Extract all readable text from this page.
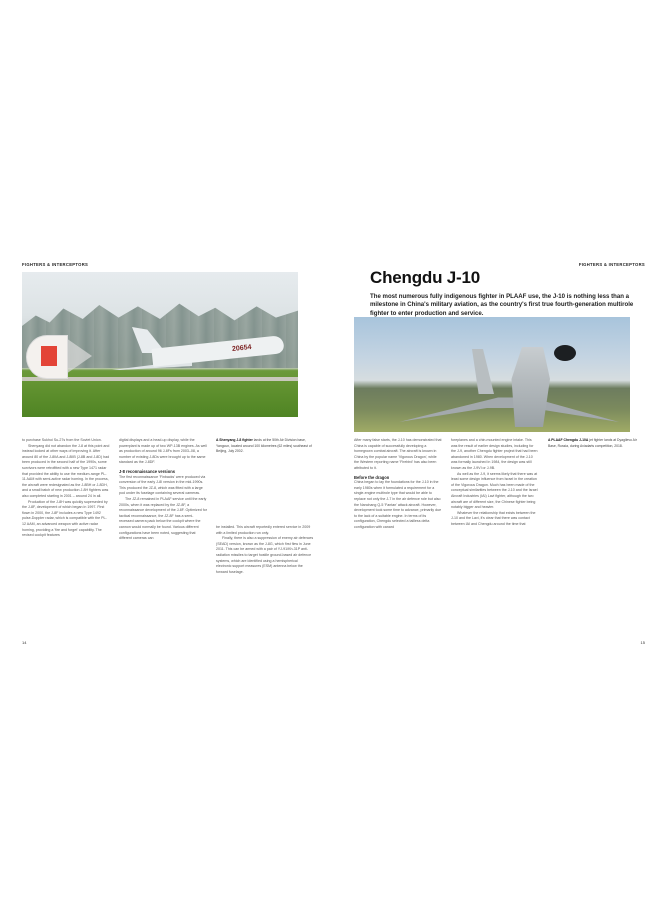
FIGHTERS & INTERCEPTORS
20654

to purchase Sukhoi Su-27s from the Soviet Union.

Shenyang did not abandon the J-8 at this point and instead looked at other ways of improving it. After around 80 of the J-8IIA and J-8IIB (J-8B and J-8D) had been produced in the second half of the 1990s, some survivors were retrofitted with a new Type 1471 radar that provided the ability to use the medium-range PL-11 AAM with semi-active radar homing. In the process, the aircraft were redesignated as the J-8BH or J-8DH, and a small batch of new production J-8H fighters was also completed starting in 2001 – around 24 in all.

Production of the J-8H was quickly superseded by the J-8F, development of which began in 1997. First flown in 2000, the J-8F includes a new Type 1492 pulse-Doppler radar, which is compatible with the PL-12 AAM, an advanced weapon with active radar homing, providing a 'fire and forget' capability. The revised cockpit features

digital displays and a head-up display, while the powerplant is made up of two WP-13B engines. As well as production of around 96 J-8Fs from 2003–08, a number of existing J-8Ds were brought up to the same standard as the J-8DF.

J-8 reconnaissance versions

The first reconnaissance 'Finbacks' were produced via conversion of the early J-8I version in the mid-1990s. This produced the JZ-8, which was fitted with a large pod under its fuselage containing several cameras.

The JZ-8 remained in PLAAF service until the early 2000s, when it was replaced by the JZ-8F, a reconnaissance development of the J-8F. Optimized for tactical reconnaissance, the JZ-8F has a semi-recessed camera pack below the cockpit where the cannon would normally be found. Various different configurations have been noted, suggesting that different cameras can

A Shenyang J-8 fighter lands at the 50th Air Division base, Yangcun, located around 100 kilometres (62 miles) southeast of Beijing, July 2002.

be installed. This aircraft reportedly entered service in 2009 with a limited production run only.

Finally, there is also a suppression of enemy air defences (SEAD) version, known as the J-8G, which first flew in June 2011. This can be armed with a pair of YJ-91/Kh-31P anti-radiation missiles to target hostile ground-based air defence systems, which are identified using a hemispherical electronic support measures (ESM) antenna below the forward fuselage.

14
FIGHTERS & INTERCEPTORS
Chengdu J-10
The most numerous fully indigenous fighter in PLAAF use, the J-10 is nothing less than a milestone in China's military aviation, as the country's first true fourth-generation multirole fighter to enter production and service.

After many false starts, the J-10 has demonstrated that China is capable of successfully developing a homegrown combat aircraft. The aircraft is known in China by the popular name 'Vigorous Dragon', while the Western reporting name 'Firebird' has also been attributed to it.

Before the dragon

China began to lay the foundations for the J-10 in the early 1980s when it formulated a requirement for a single-engine multirole type that would be able to replace not only the J-7 in the air defence role but also the Nanchang Q-5 'Fantan' attack aircraft. However, development took some time to advance, primarily due to the lack of a suitable engine. In terms of its configuration, Chengdu selected a tailless delta configuration with canard

foreplanes and a chin-mounted engine intake. This was the result of earlier design studies, including for the J-9, another Chengdu fighter project that had been abandoned in 1980. When development of the J-10 was formally launched in 1984, the design was still known as the J-9VI or J-9B.

As well as the J-9, it seems likely that there was at least some design influence from Israel in the creation of the Vigorous Dragon. Much has been made of the conceptual similarities between the J-10 and the Israel Aircraft Industries (IAI) Lavi fighter, although the two aircraft are of different size, the Chinese fighter being notably bigger and heavier.

Whatever the relationship that exists between the J-10 and the Lavi, it's clear that there was contact between IAI and Chengdu around the time that

A PLAAF Chengdu J-10A jet fighter lands at Dyagilevo Air Base, Russia, during Aviadarts competition, 2018.
15
